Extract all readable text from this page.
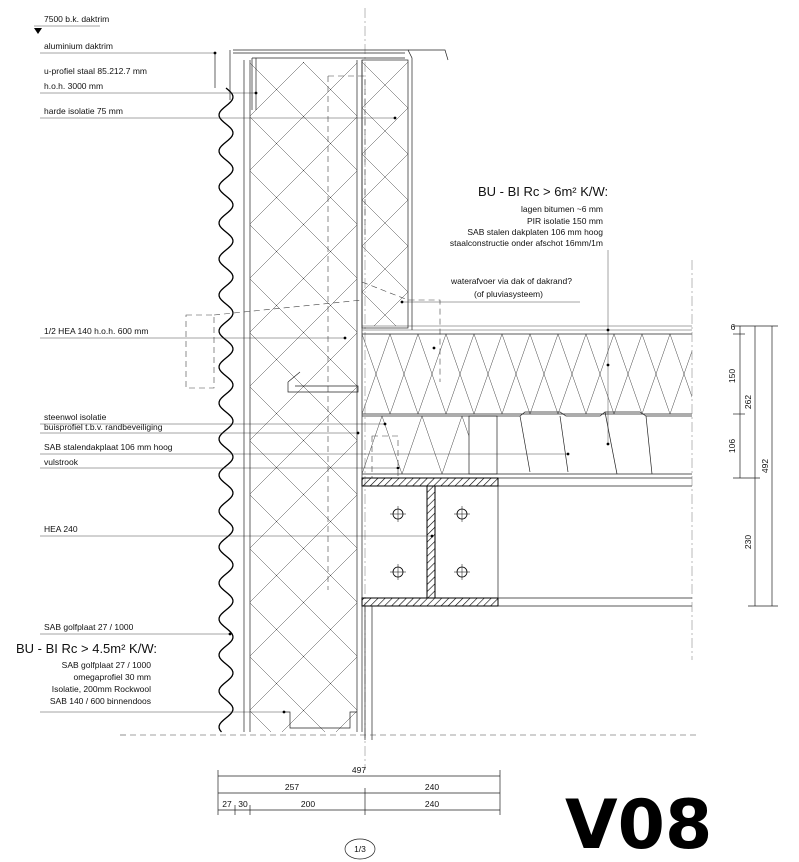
7500 b.k. daktrim
aluminium daktrim
u-profiel staal 85.212.7 mm
h.o.h. 3000 mm
harde isolatie 75 mm
1/2 HEA 140 h.o.h. 600 mm
steenwol isolatie
buisprofiel t.b.v. randbeveiliging
SAB stalendakplaat 106 mm hoog
vulstrook
HEA 240
SAB golfplaat 27 / 1000
BU - BI Rc > 4.5m² K/W:
SAB golfplaat 27 / 1000
omegaprofiel 30 mm
Isolatie, 200mm Rockwool
SAB 140 / 600 binnendoos
BU - BI Rc > 6m² K/W:
lagen bitumen ~6 mm
PIR isolatie 150 mm
SAB stalen dakplaten 106 mm hoog
staalconstructie onder afschot 16mm/1m
waterafvoer via dak of dakrand?
(of pluviasysteem)
6
150
106
262
230
492
497
257	240
27 30	200	240
1/3	V08
